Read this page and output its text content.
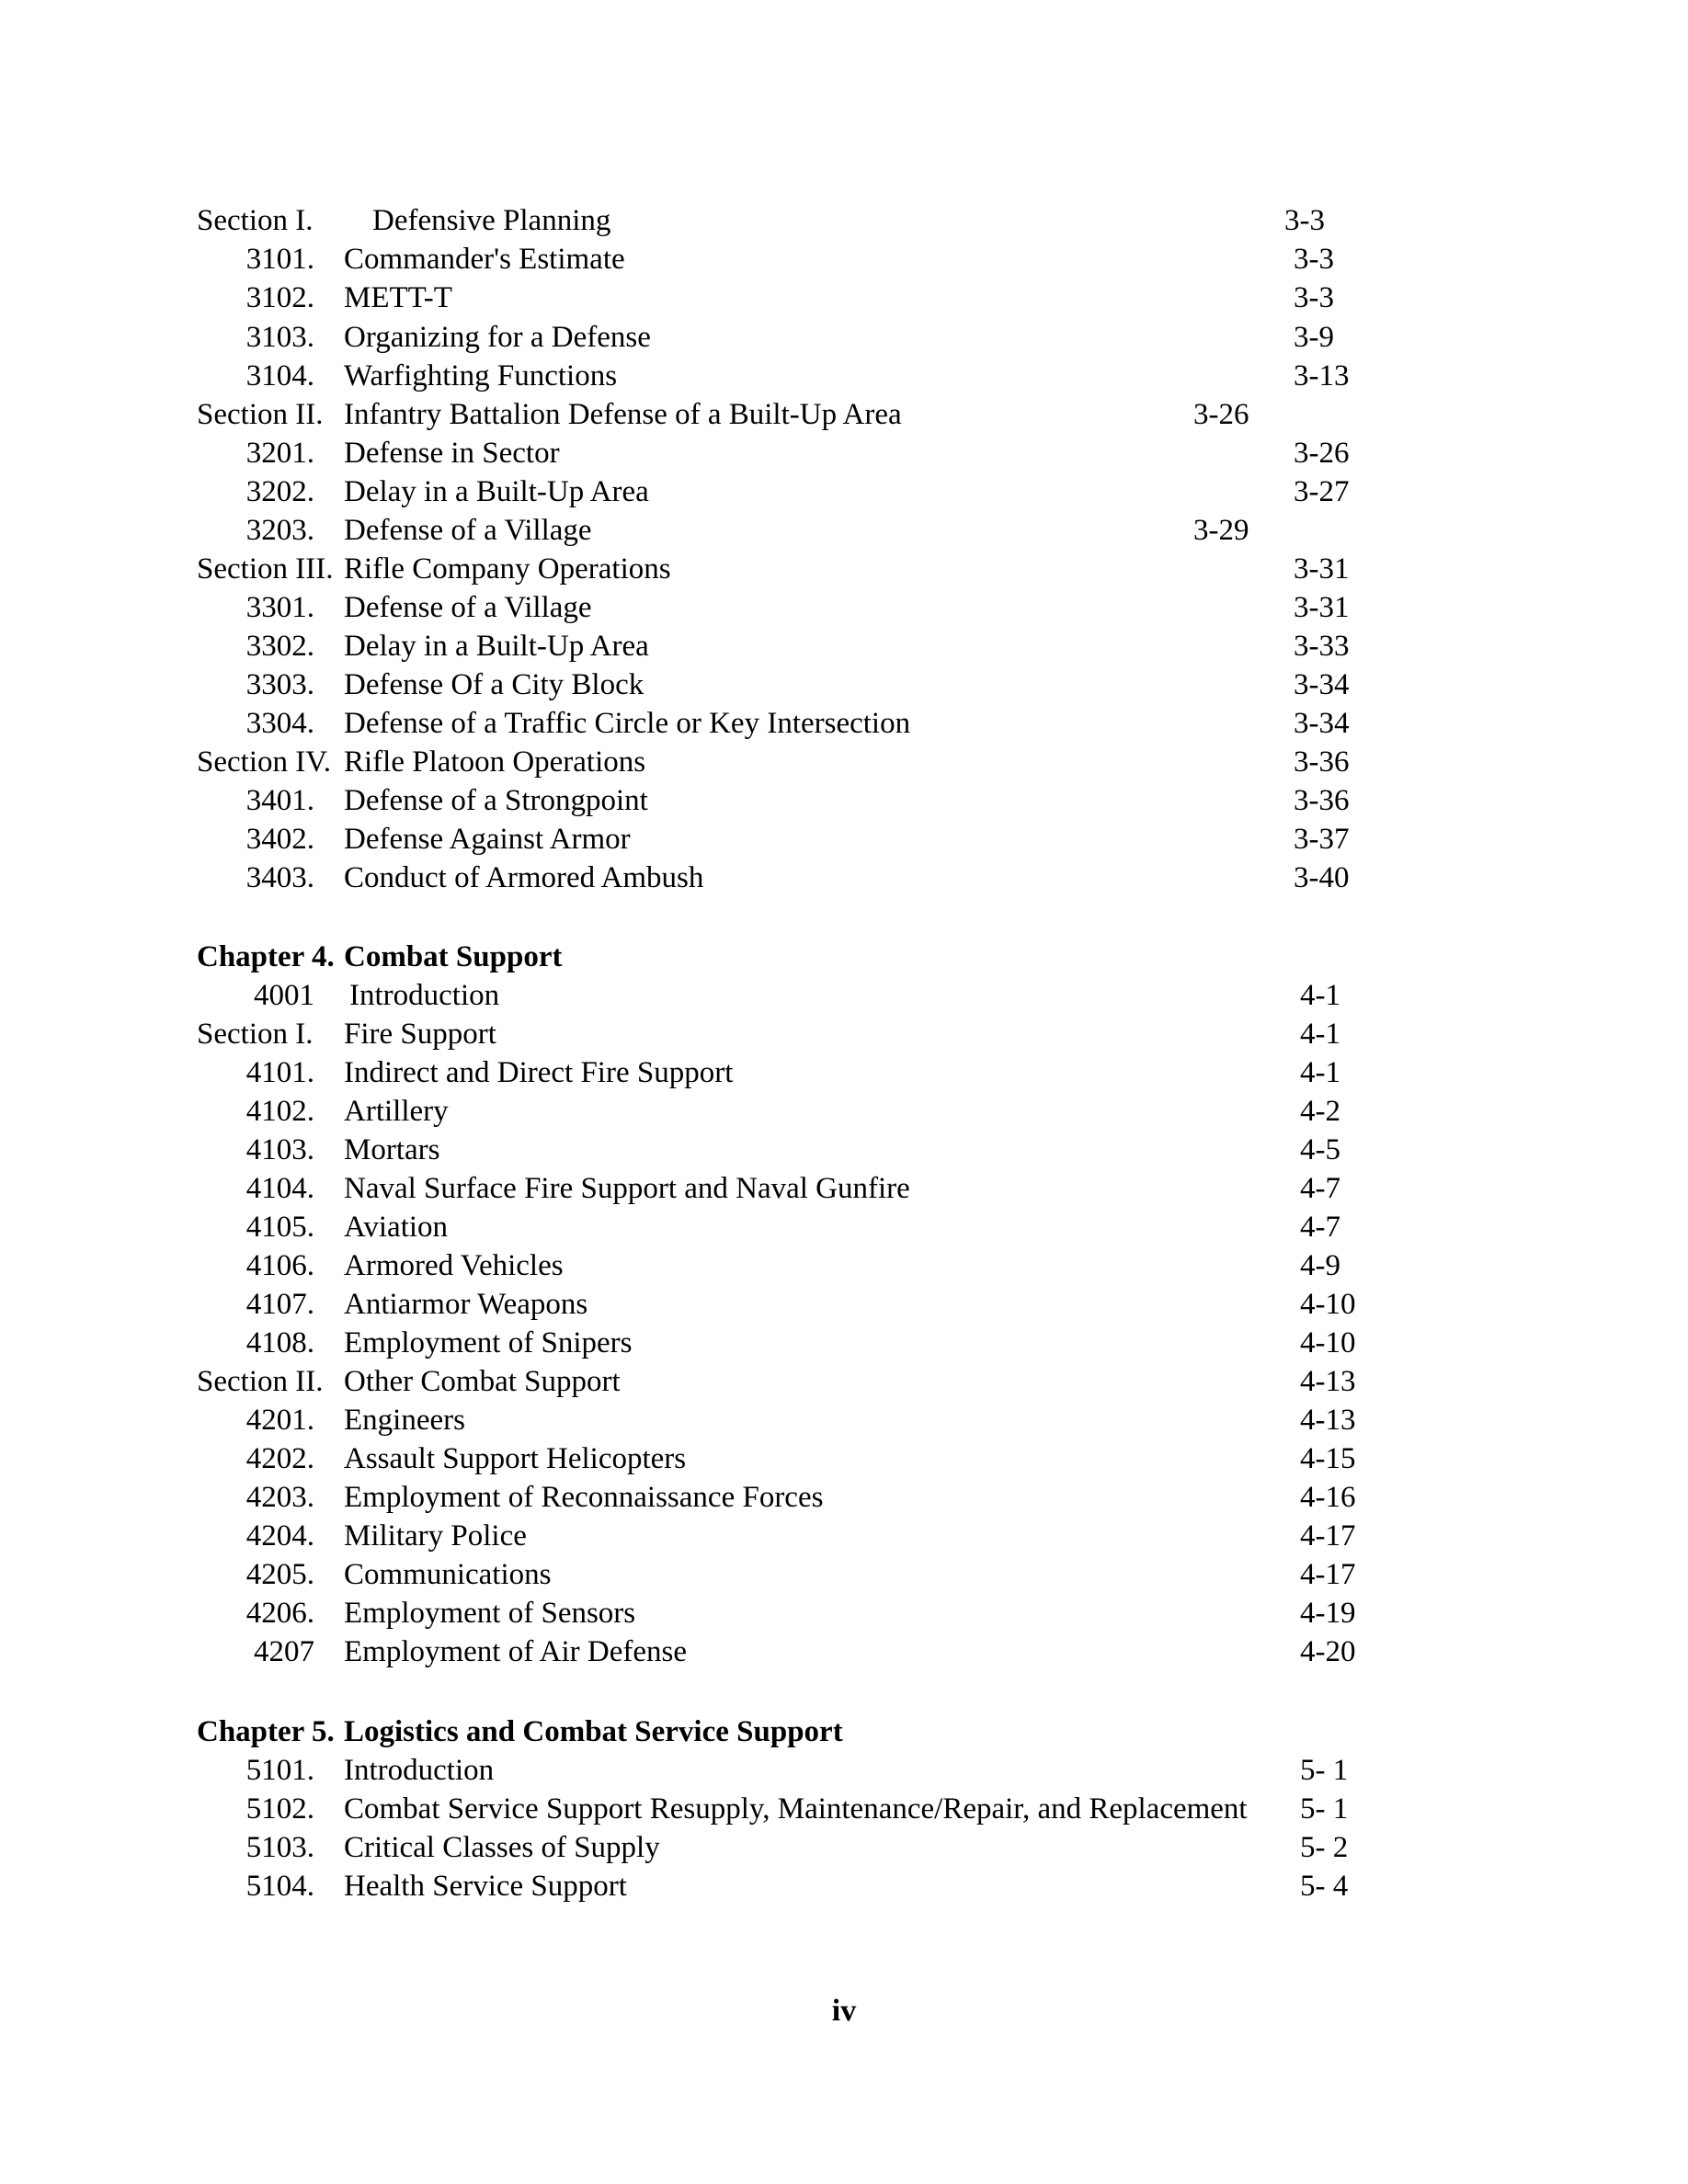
Section I. Defensive Planning	3-3
3101. Commander's Estimate	3-3
3102. METT-T	3-3
3103. Organizing for a Defense	3-9
3104. Warfighting Functions	3-13
Section II. Infantry Battalion Defense of a Built-Up Area	3-26
3201. Defense in Sector	3-26
3202. Delay in a Built-Up Area	3-27
3203. Defense of a Village	3-29
Section III. Rifle Company Operations	3-31
3301. Defense of a Village	3-31
3302. Delay in a Built-Up Area	3-33
3303. Defense Of a City Block	3-34
3304. Defense of a Traffic Circle or Key Intersection	3-34
Section IV. Rifle Platoon Operations	3-36
3401. Defense of a Strongpoint	3-36
3402. Defense Against Armor	3-37
3403. Conduct of Armored Ambush	3-40
Chapter 4. Combat Support
4001 Introduction	4-1
Section I. Fire Support	4-1
4101. Indirect and Direct Fire Support	4-1
4102. Artillery	4-2
4103. Mortars	4-5
4104. Naval Surface Fire Support and Naval Gunfire	4-7
4105. Aviation	4-7
4106. Armored Vehicles	4-9
4107. Antiarmor Weapons	4-10
4108. Employment of Snipers	4-10
Section II. Other Combat Support	4-13
4201. Engineers	4-13
4202. Assault Support Helicopters	4-15
4203. Employment of Reconnaissance Forces	4-16
4204. Military Police	4-17
4205. Communications	4-17
4206. Employment of Sensors	4-19
4207 Employment of Air Defense	4-20
Chapter 5. Logistics and Combat Service Support
5101. Introduction	5- 1
5102. Combat Service Support Resupply, Maintenance/Repair, and Replacement 5- 1
5103. Critical Classes of Supply	5- 2
5104. Health Service Support	5- 4
iv
